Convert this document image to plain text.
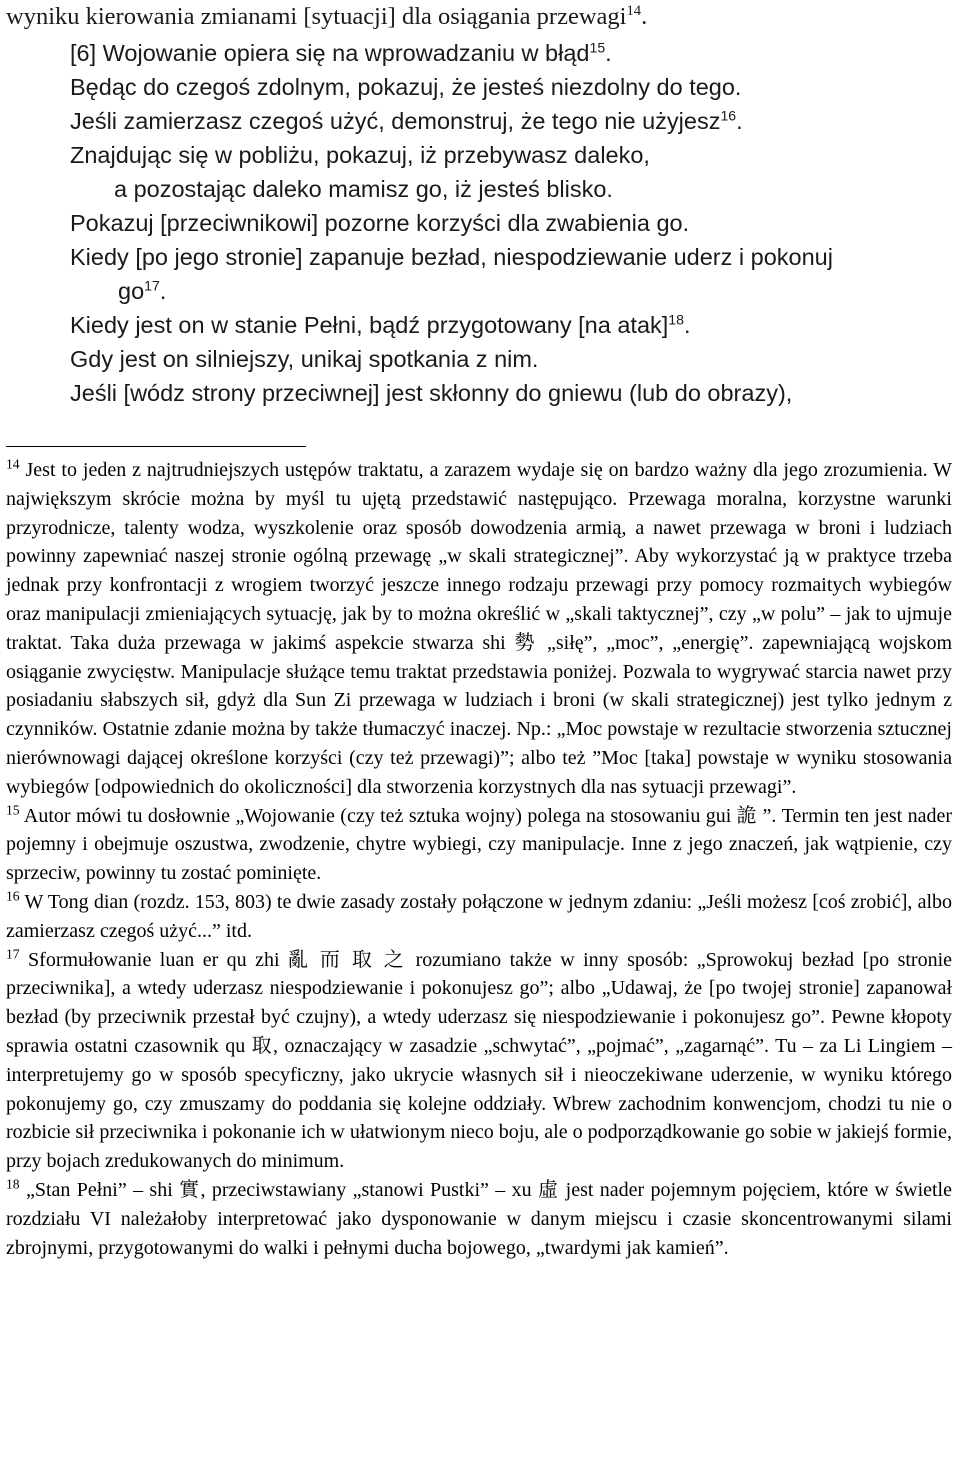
wyniku kierowania zmianami [sytuacji] dla osiągania przewagi$^{14}$.
[6] Wojowanie opiera się na wprowadzaniu w błąd$^{15}$.
Będąc do czegoś zdolnym, pokazuj, że jesteś niezdolny do tego.
Jeśli zamierzasz czegoś użyć, demonstruj, że tego nie użyjesz$^{16}$.
Znajdując się w pobliżu, pokazuj, iż przebywasz daleko,
a pozostając daleko mamisz go, iż jesteś blisko.
Pokazuj [przeciwnikowi] pozorne korzyści dla zwabienia go.
Kiedy [po jego stronie] zapanuje bezład, niespodziewanie uderz i pokonuj
$go^{17}$.
Kiedy jest on w stanie Pełni, bądź przygotowany [na atak]$^{18}$.
Gdy jest on silniejszy, unikaj spotkania z nim.
Jeśli [wódz strony przeciwnej] jest skłonny do gniewu (lub do obrazy),

$^{14}$ Jest to jeden z najtrudniejszych ustępów traktatu, a zarazem wydaje się on bardzo ważny dla jego zrozumienia. W największym skrócie można by myśl tu ujętą przedstawić następująco. Przewaga moralna, korzystne warunki przyrodnicze, talenty wodza, wyszkolenie oraz sposób dowodzenia armią, a nawet przewaga w broni i ludziach powinny zapewniać naszej stronie ogólną przewagę „w skali strategicznej”. Aby wykorzystać ją w praktyce trzeba jednak przy konfrontacji z wrogiem tworzyć jeszcze innego rodzaju przewagi przy pomocy rozmaitych wybiegów oraz manipulacji zmieniających sytuację, jak by to można określić w „skali taktycznej”, czy „w polu” – jak to ujmuje traktat. Taka duża przewaga w jakimś aspekcie stwarza shi 勢 „siłę”, „moc”, „energię”. zapewniającą wojskom osiąganie zwycięstw. Manipulacje służące temu traktat przedstawia poniżej. Pozwala to wygrywać starcia nawet przy posiadaniu słabszych sił, gdyż dla Sun Zi przewaga w ludziach i broni (w skali strategicznej) jest tylko jednym z czynników. Ostatnie zdanie można by także tłumaczyć inaczej. Np.: „Moc powstaje w rezultacie stworzenia sztucznej nierównowagi dającej określone korzyści (czy też przewagi)”; albo też ”Moc [taka] powstaje w wyniku stosowania wybiegów [odpowiednich do okoliczności] dla stworzenia korzystnych dla nas sytuacji przewagi”.

$^{15}$ Autor mówi tu dosłownie „Wojowanie (czy też sztuka wojny) polega na stosowaniu gui 詭 ”. Termin ten jest nader pojemny i obejmuje oszustwa, zwodzenie, chytre wybiegi, czy manipulacje. Inne z jego znaczeń, jak wątpienie, czy sprzeciw, powinny tu zostać pominięte.

$^{16}$ W Tong dian (rozdz. 153, 803) te dwie zasady zostały połączone w jednym zdaniu: „Jeśli możesz [coś zrobić], albo zamierzasz czegoś użyć...” itd.

$^{17}$ Sformułowanie luan er qu zhi 亂 而 取 之 rozumiano także w inny sposób: „Sprowokuj bezład [po stronie przeciwnika], a wtedy uderzasz niespodziewanie i pokonujesz go”; albo „Udawaj, że [po twojej stronie] zapanował bezład (by przeciwnik przestał być czujny), a wtedy uderzasz się niespodziewanie i pokonujesz go”. Pewne kłopoty sprawia ostatni czasownik qu 取, oznaczający w zasadzie „schwytać”, „pojmać”, „zagarnąć”. Tu – za Li Lingiem – interpretujemy go w sposób specyficzny, jako ukrycie własnych sił i nieoczekiwane uderzenie, w wyniku którego pokonujemy go, czy zmuszamy do poddania się kolejne oddziały. Wbrew zachodnim konwencjom, chodzi tu nie o rozbicie sił przeciwnika i pokonanie ich w ułatwionym nieco boju, ale o podporządkowanie go sobie w jakiejś formie, przy bojach zredukowanych do minimum.

$^{18}$ „Stan Pełni” – shi 實, przeciwstawiany „stanowi Pustki” – xu 虛 jest nader pojemnym pojęciem, które w świetle rozdziału VI należałoby interpretować jako dysponowanie w danym miejscu i czasie skoncentrowanymi silami zbrojnymi, przygotowanymi do walki i pełnymi ducha bojowego, „twardymi jak kamień”.
